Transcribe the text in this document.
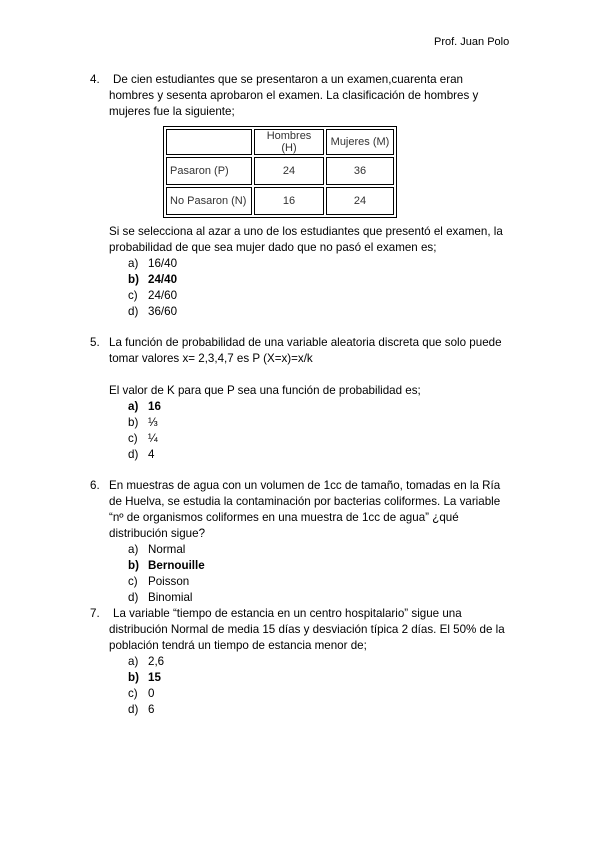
Prof. Juan Polo
4.	De cien estudiantes que se presentaron a un examen,cuarenta eran
hombres y sesenta aprobaron el examen. La clasificación de hombres y
mujeres fue la siguiente;
	Hombres (H)	Mujeres (M)
Pasaron (P)	24	36
No Pasaron (N)	16	24
Si se selecciona al azar a uno de los estudiantes que presentó el examen, la
probabilidad de que sea mujer dado que no pasó el examen es;
a) 16/40
b) 24/40
c) 24/60
d) 36/60
5. La función de probabilidad de una variable aleatoria discreta que solo puede
tomar valores x= 2,3,4,7 es P (X=x)=x/k
El valor de K para que P sea una función de probabilidad es;
a) 16
b) ⅓
c) ¼
d) 4
6. En muestras de agua con un volumen de 1cc de tamaño, tomadas en la Ría
de Huelva, se estudia la contaminación por bacterias coliformes. La variable
“nº de organismos coliformes en una muestra de 1cc de agua” ¿qué
distribución sigue?
a) Normal
b) Bernouille
c) Poisson
d) Binomial
7.	La variable “tiempo de estancia en un centro hospitalario” sigue una
distribución Normal de media 15 días y desviación típica 2 días. El 50% de la
población tendrá un tiempo de estancia menor de;
a) 2,6
b) 15
c) 0
d) 6
